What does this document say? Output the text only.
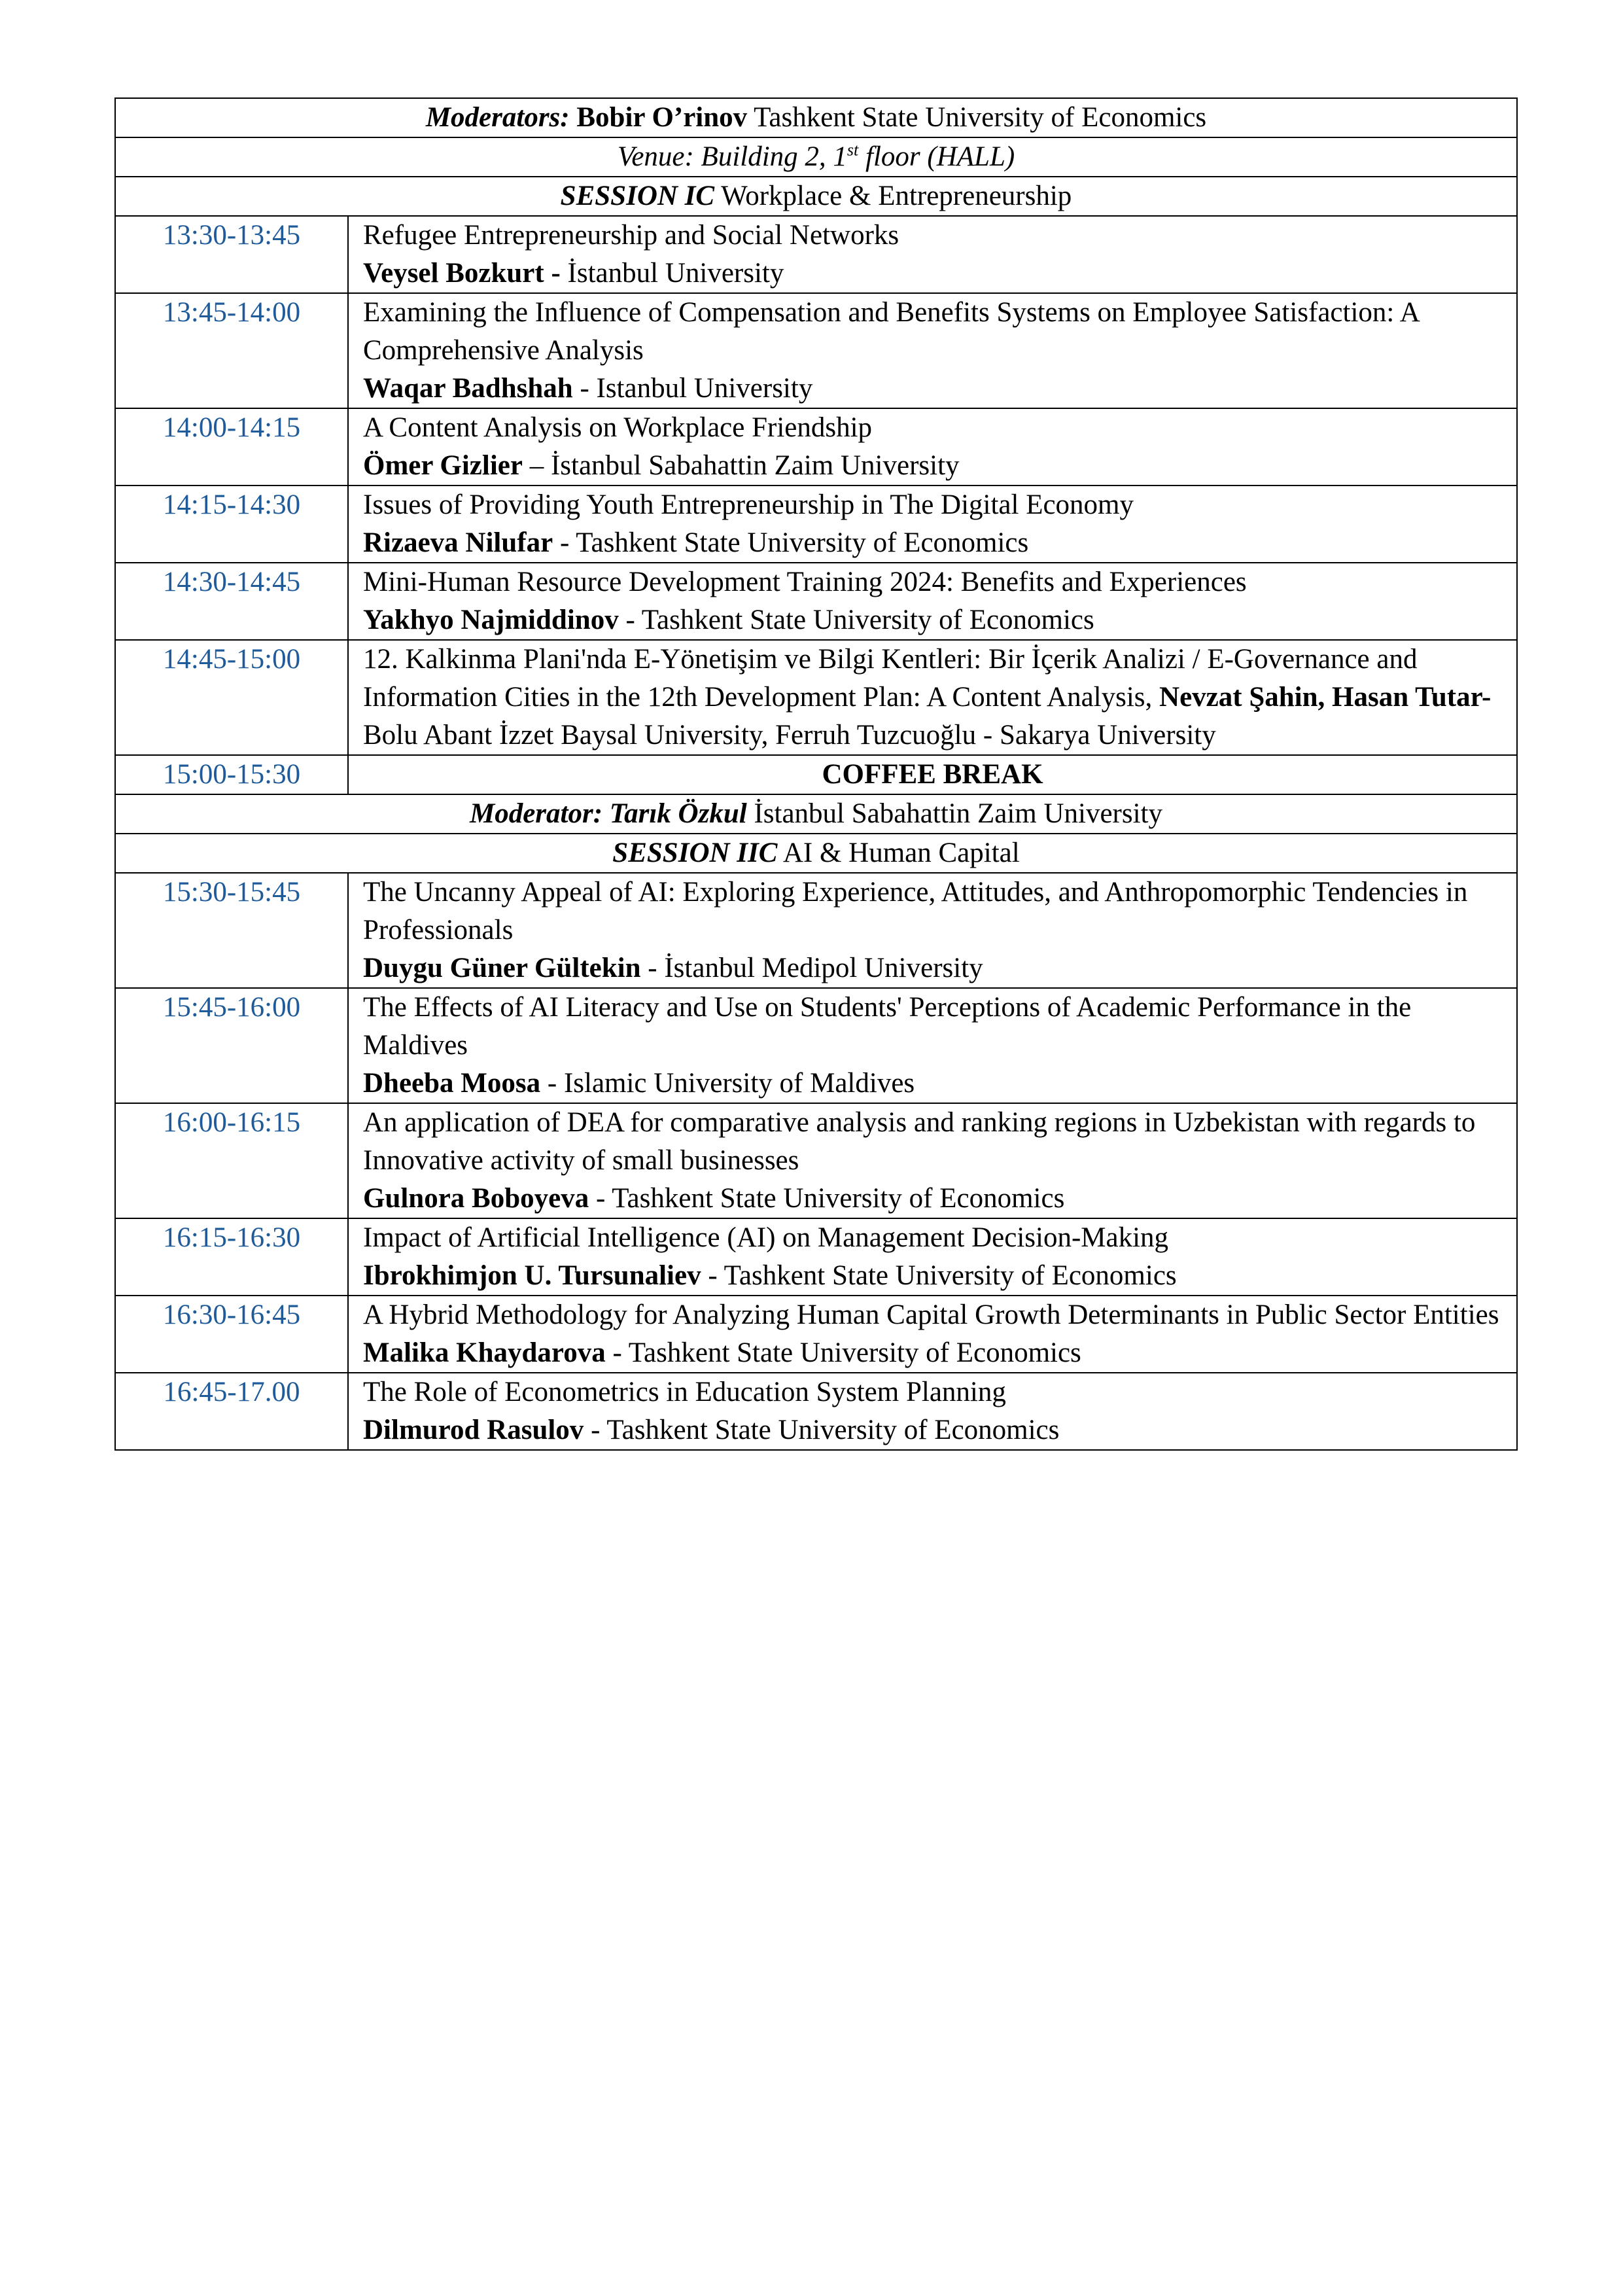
Moderators: Bobir O’rinov Tashkent State University of Economics	
Venue: Building 2, 1st floor (HALL)	
SESSION IC Workplace & Entrepreneurship	
13:30-13:45	Refugee Entrepreneurship and Social Networks
Veysel Bozkurt - İstanbul University

13:45-14:00	Examining the Influence of Compensation and Benefits Systems on Employee Satisfaction: A Comprehensive Analysis
Waqar Badhshah - Istanbul University

14:00-14:15	A Content Analysis on Workplace Friendship
Ömer Gizlier – İstanbul Sabahattin Zaim University

14:15-14:30	Issues of Providing Youth Entrepreneurship in The Digital Economy
Rizaeva Nilufar - Tashkent State University of Economics

14:30-14:45	Mini-Human Resource Development Training 2024: Benefits and Experiences
Yakhyo Najmiddinov - Tashkent State University of Economics

14:45-15:00	12. Kalkinma Plani'nda E-Yönetişim ve Bilgi Kentleri: Bir İçerik Analizi / E-Governance and Information Cities in the 12th Development Plan: A Content Analysis, Nevzat Şahin, Hasan Tutar-Bolu Abant İzzet Baysal University, Ferruh Tuzcuoğlu - Sakarya University
15:00-15:30	COFFEE BREAK
Moderator: Tarık Özkul İstanbul Sabahattin Zaim University	
SESSION IIC AI & Human Capital	
15:30-15:45	The Uncanny Appeal of AI: Exploring Experience, Attitudes, and Anthropomorphic Tendencies in Professionals
Duygu Güner Gültekin - İstanbul Medipol University

15:45-16:00	The Effects of AI Literacy and Use on Students' Perceptions of Academic Performance in the Maldives
Dheeba Moosa - Islamic University of Maldives

16:00-16:15	An application of DEA for comparative analysis and ranking regions in Uzbekistan with regards to Innovative activity of small businesses
Gulnora Boboyeva - Tashkent State University of Economics

16:15-16:30	Impact of Artificial Intelligence (AI) on Management Decision-Making
Ibrokhimjon U. Tursunaliev - Tashkent State University of Economics

16:30-16:45	A Hybrid Methodology for Analyzing Human Capital Growth Determinants in Public Sector Entities
Malika Khaydarova - Tashkent State University of Economics

16:45-17.00	The Role of Econometrics in Education System Planning
Dilmurod Rasulov - Tashkent State University of Economics
